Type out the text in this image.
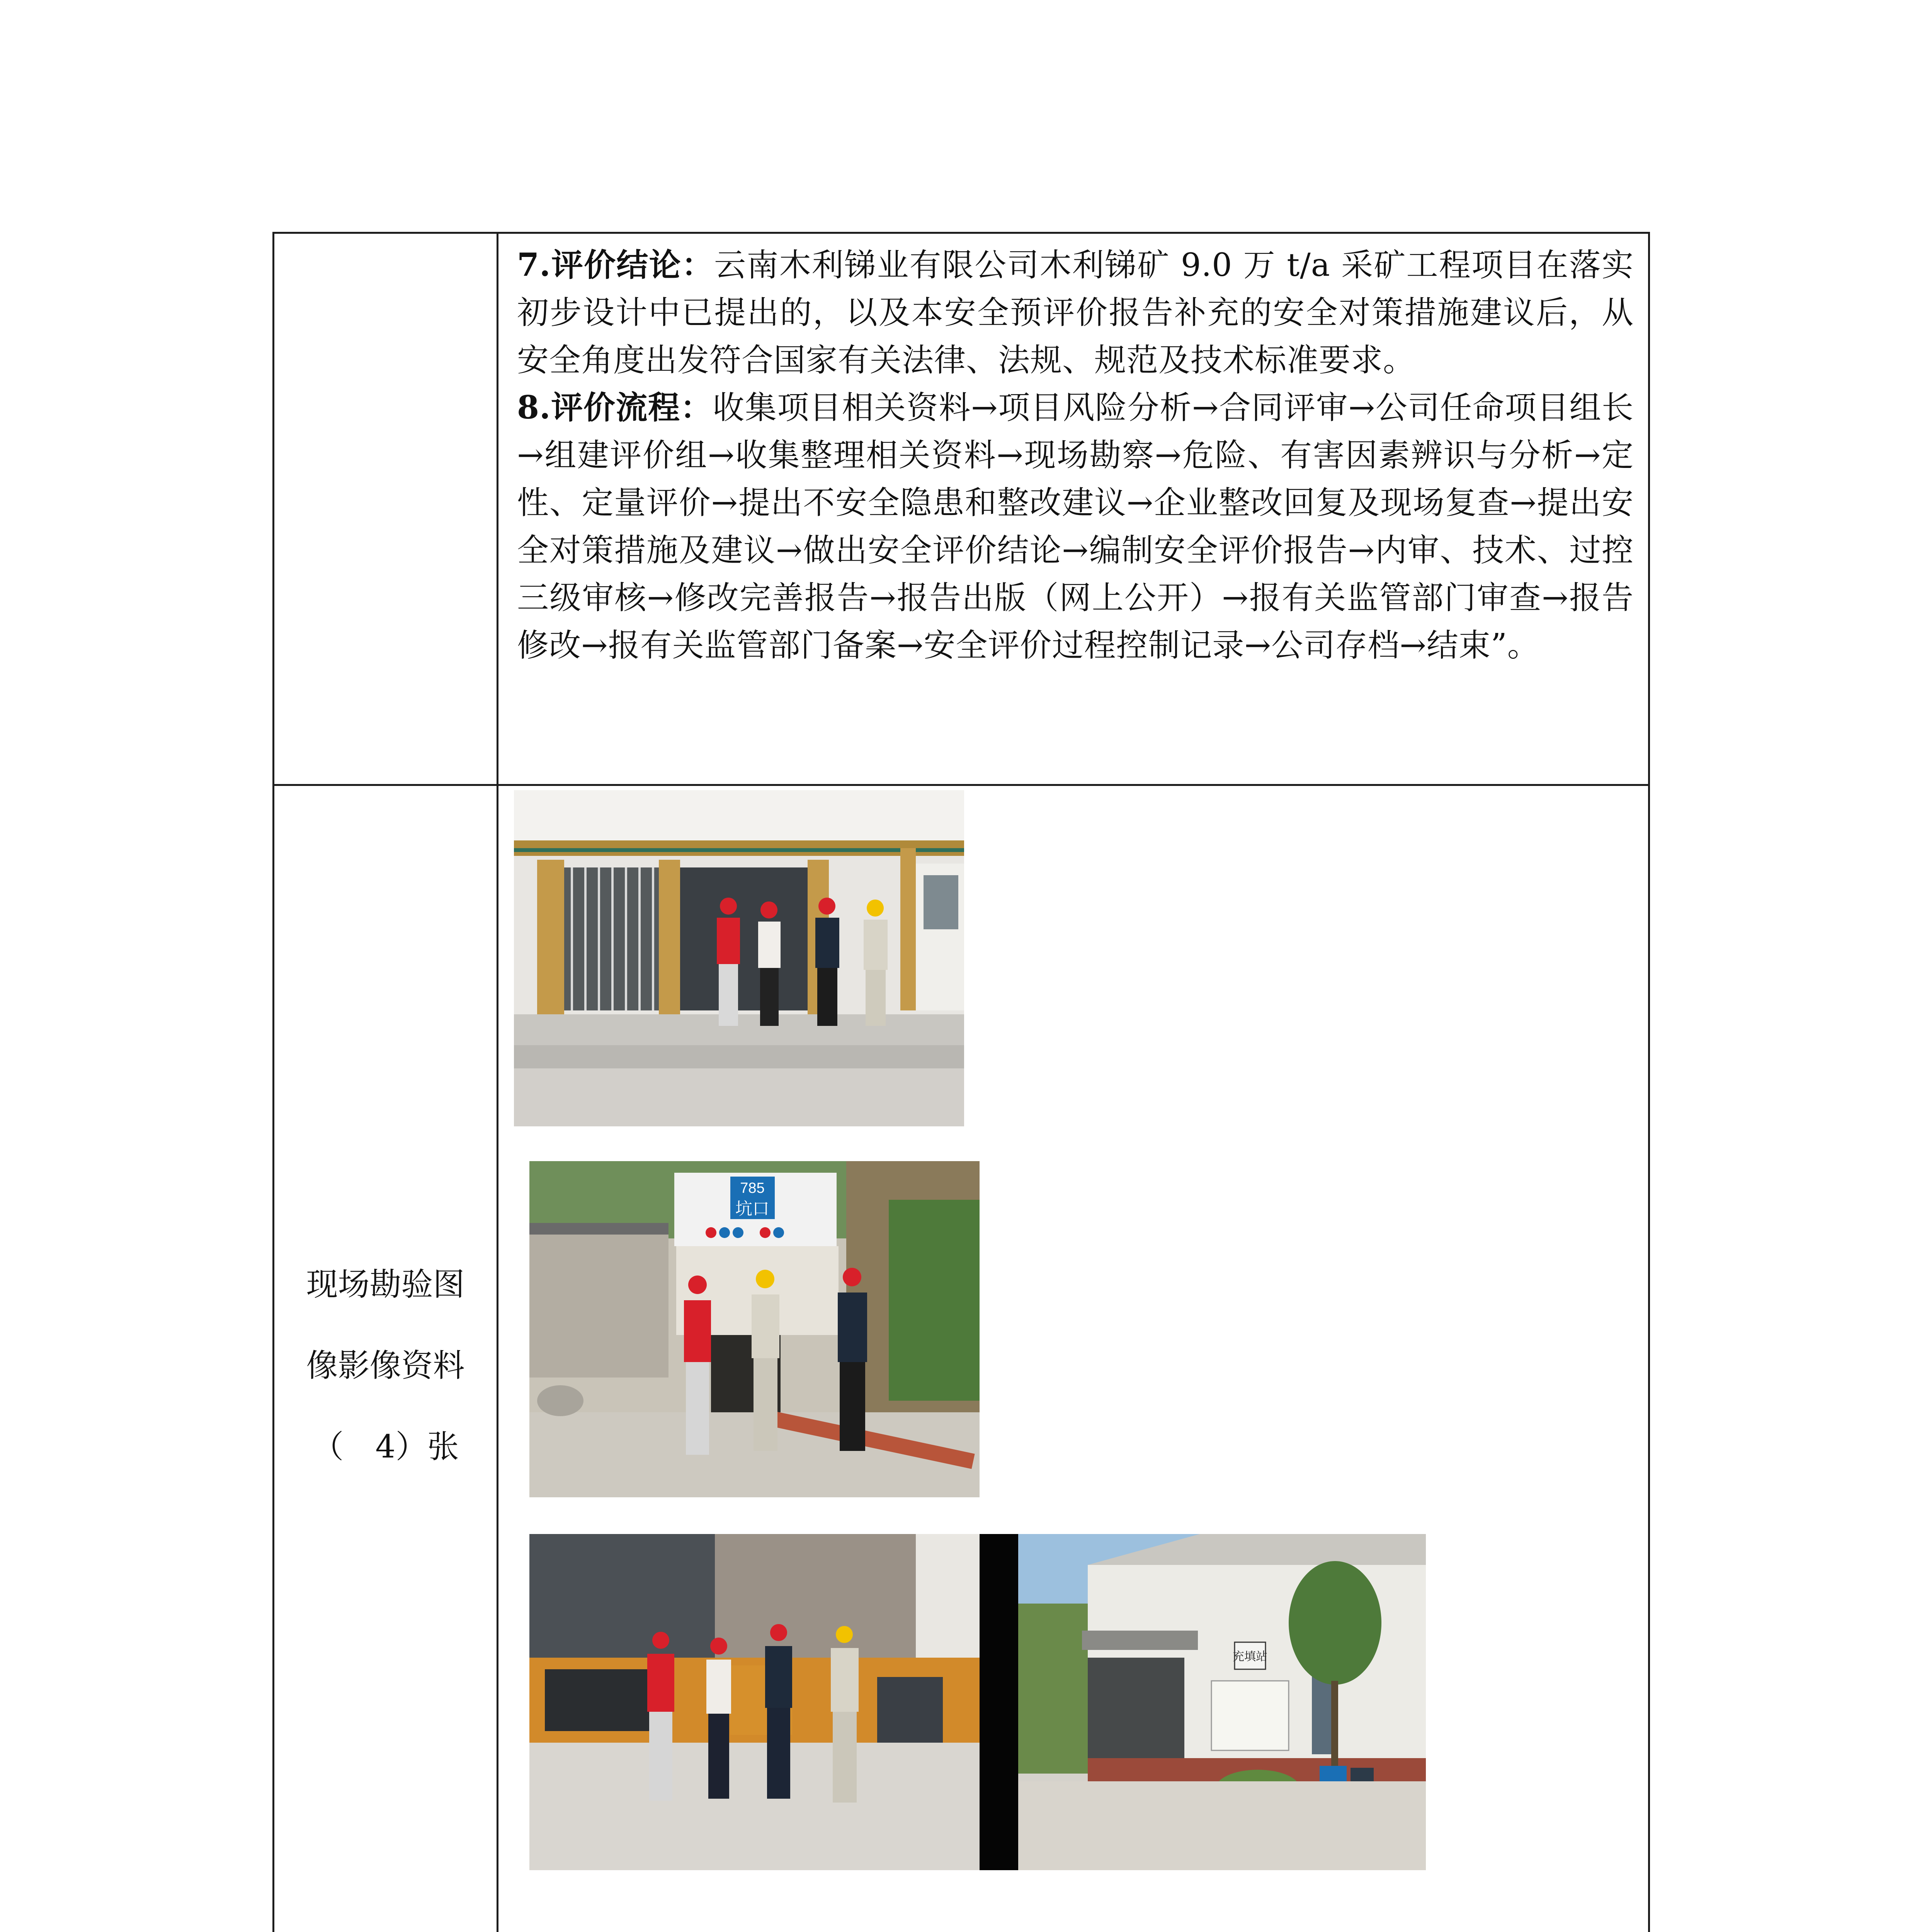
7.评价结论：云南木利锑业有限公司木利锑矿 9.0 万 t/a 采矿工程项目在落实初步设计中已提出的，以及本安全预评价报告补充的安全对策措施建议后，从安全角度出发符合国家有关法律、法规、规范及技术标准要求。

8.评价流程：收集项目相关资料→项目风险分析→合同评审→公司任命项目组长→组建评价组→收集整理相关资料→现场勘察→危险、有害因素辨识与分析→定性、定量评价→提出不安全隐患和整改建议→企业整改回复及现场复查→提出安全对策措施及建议→做出安全评价结论→编制安全评价报告→内审、技术、过控三级审核→修改完善报告→报告出版（网上公开）→报有关监管部门审查→报告修改→报有关监管部门备案→安全评价过程控制记录→公司存档→结束”。

现场勘验图
像影像资料
（　4）张
785
坑口
充填站
